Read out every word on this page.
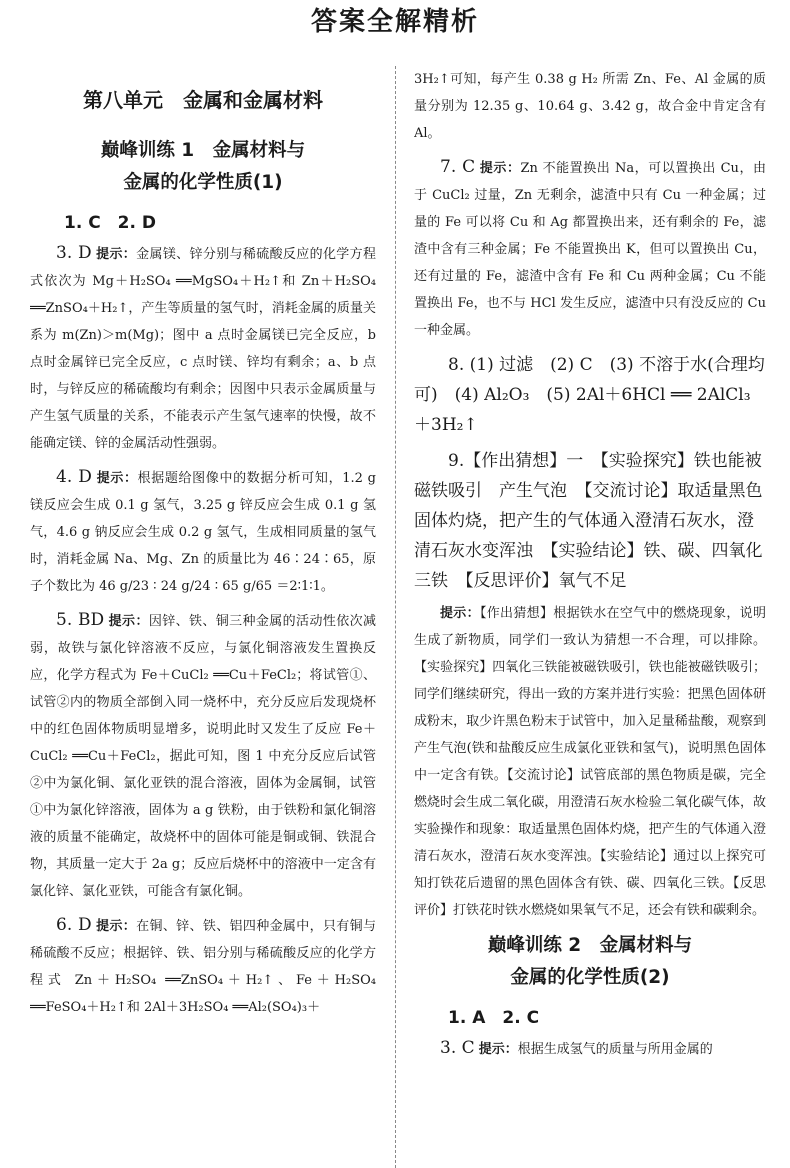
答案全解精析
第八单元　金属和金属材料
巅峰训练 1　金属材料与
金属的化学性质(1)
1. C　2. D

3. D 提示：金属镁、锌分别与稀硫酸反应的化学方程式依次为 Mg＋H₂SO₄ ══MgSO₄＋H₂↑和 Zn＋H₂SO₄ ══ZnSO₄＋H₂↑，产生等质量的氢气时，消耗金属的质量关系为 m(Zn)＞m(Mg)；图中 a 点时金属镁已完全反应，b 点时金属锌已完全反应，c 点时镁、锌均有剩余；a、b 点时，与锌反应的稀硫酸均有剩余；因图中只表示金属质量与产生氢气质量的关系，不能表示产生氢气速率的快慢，故不能确定镁、锌的金属活动性强弱。

4. D 提示：根据题给图像中的数据分析可知，1.2 g 镁反应会生成 0.1 g 氢气，3.25 g 锌反应会生成 0.1 g 氢气，4.6 g 钠反应会生成 0.2 g 氢气，生成相同质量的氢气时，消耗金属 Na、Mg、Zn 的质量比为 46∶24∶65，原子个数比为 46 g/23 ∶ 24 g/24 ∶ 65 g/65 ＝2∶1∶1。

5. BD 提示：因锌、铁、铜三种金属的活动性依次减弱，故铁与氯化锌溶液不反应，与氯化铜溶液发生置换反应，化学方程式为 Fe＋CuCl₂ ══Cu＋FeCl₂；将试管①、试管②内的物质全部倒入同一烧杯中，充分反应后发现烧杯中的红色固体物质明显增多，说明此时又发生了反应 Fe＋CuCl₂ ══Cu＋FeCl₂，据此可知，图 1 中充分反应后试管②中为氯化铜、氯化亚铁的混合溶液，固体为金属铜，试管①中为氯化锌溶液，固体为 a g 铁粉，由于铁粉和氯化铜溶液的质量不能确定，故烧杯中的固体可能是铜或铜、铁混合物，其质量一定大于 2a g；反应后烧杯中的溶液中一定含有氯化锌、氯化亚铁，可能含有氯化铜。

6. D 提示：在铜、锌、铁、铝四种金属中，只有铜与稀硫酸不反应；根据锌、铁、铝分别与稀硫酸反应的化学方程式 Zn＋H₂SO₄ ══ZnSO₄＋H₂↑、Fe＋H₂SO₄ ══FeSO₄＋H₂↑和 2Al＋3H₂SO₄ ══Al₂(SO₄)₃＋

3H₂↑可知，每产生 0.38 g H₂ 所需 Zn、Fe、Al 金属的质量分别为 12.35 g、10.64 g、3.42 g，故合金中肯定含有 Al。

7. C 提示：Zn 不能置换出 Na，可以置换出 Cu，由于 CuCl₂ 过量，Zn 无剩余，滤渣中只有 Cu 一种金属；过量的 Fe 可以将 Cu 和 Ag 都置换出来，还有剩余的 Fe，滤渣中含有三种金属；Fe 不能置换出 K，但可以置换出 Cu，还有过量的 Fe，滤渣中含有 Fe 和 Cu 两种金属；Cu 不能置换出 Fe，也不与 HCl 发生反应，滤渣中只有没反应的 Cu 一种金属。

8. (1) 过滤　(2) C　(3) 不溶于水(合理均可)　(4) Al₂O₃　(5) 2Al＋6HCl ══ 2AlCl₃＋3H₂↑

9.【作出猜想】一　【实验探究】铁也能被磁铁吸引　产生气泡　【交流讨论】取适量黑色固体灼烧，把产生的气体通入澄清石灰水，澄清石灰水变浑浊　【实验结论】铁、碳、四氧化三铁　【反思评价】氧气不足

提示：【作出猜想】根据铁水在空气中的燃烧现象，说明生成了新物质，同学们一致认为猜想一不合理，可以排除。【实验探究】四氧化三铁能被磁铁吸引，铁也能被磁铁吸引；同学们继续研究，得出一致的方案并进行实验：把黑色固体研成粉末，取少许黑色粉末于试管中，加入足量稀盐酸，观察到产生气泡(铁和盐酸反应生成氯化亚铁和氢气)，说明黑色固体中一定含有铁。【交流讨论】试管底部的黑色物质是碳，完全燃烧时会生成二氧化碳，用澄清石灰水检验二氧化碳气体，故实验操作和现象：取适量黑色固体灼烧，把产生的气体通入澄清石灰水，澄清石灰水变浑浊。【实验结论】通过以上探究可知打铁花后遗留的黑色固体含有铁、碳、四氧化三铁。【反思评价】打铁花时铁水燃烧如果氧气不足，还会有铁和碳剩余。

巅峰训练 2　金属材料与
金属的化学性质(2)
1. A　2. C

3. C 提示：根据生成氢气的质量与所用金属的
